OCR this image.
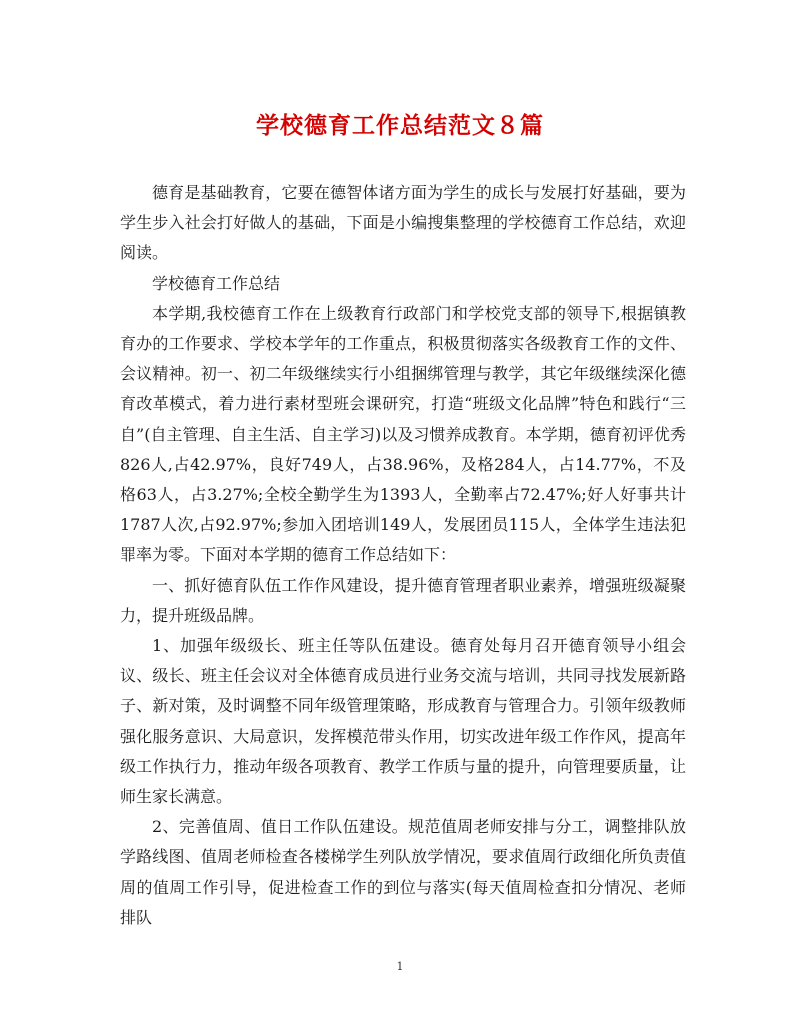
学校德育工作总结范文８篇

德育是基础教育，它要在德智体诸方面为学生的成长与发展打好基础，要为学生步入社会打好做人的基础，下面是小编搜集整理的学校德育工作总结，欢迎阅读。

学校德育工作总结

本学期,我校德育工作在上级教育行政部门和学校党支部的领导下,根据镇教育办的工作要求、学校本学年的工作重点，积极贯彻落实各级教育工作的文件、会议精神。初一、初二年级继续实行小组捆绑管理与教学，其它年级继续深化德育改革模式，着力进行素材型班会课研究，打造“班级文化品牌”特色和践行“三自”(自主管理、自主生活、自主学习)以及习惯养成教育。本学期，德育初评优秀826人,占42.97%，良好749人，占38.96%，及格284人，占14.77%，不及格63人，占3.27%;全校全勤学生为1393人，全勤率占72.47%;好人好事共计1787人次,占92.97%;参加入团培训149人，发展团员115人，全体学生违法犯罪率为零。下面对本学期的德育工作总结如下：

一、抓好德育队伍工作作风建设，提升德育管理者职业素养，增强班级凝聚力，提升班级品牌。

1、加强年级级长、班主任等队伍建设。德育处每月召开德育领导小组会议、级长、班主任会议对全体德育成员进行业务交流与培训，共同寻找发展新路子、新对策，及时调整不同年级管理策略，形成教育与管理合力。引领年级教师强化服务意识、大局意识，发挥模范带头作用，切实改进年级工作作风，提高年级工作执行力，推动年级各项教育、教学工作质与量的提升，向管理要质量，让师生家长满意。

2、完善值周、值日工作队伍建设。规范值周老师安排与分工，调整排队放学路线图、值周老师检查各楼梯学生列队放学情况，要求值周行政细化所负责值周的值周工作引导，促进检查工作的到位与落实(每天值周检查扣分情况、老师排队

1
